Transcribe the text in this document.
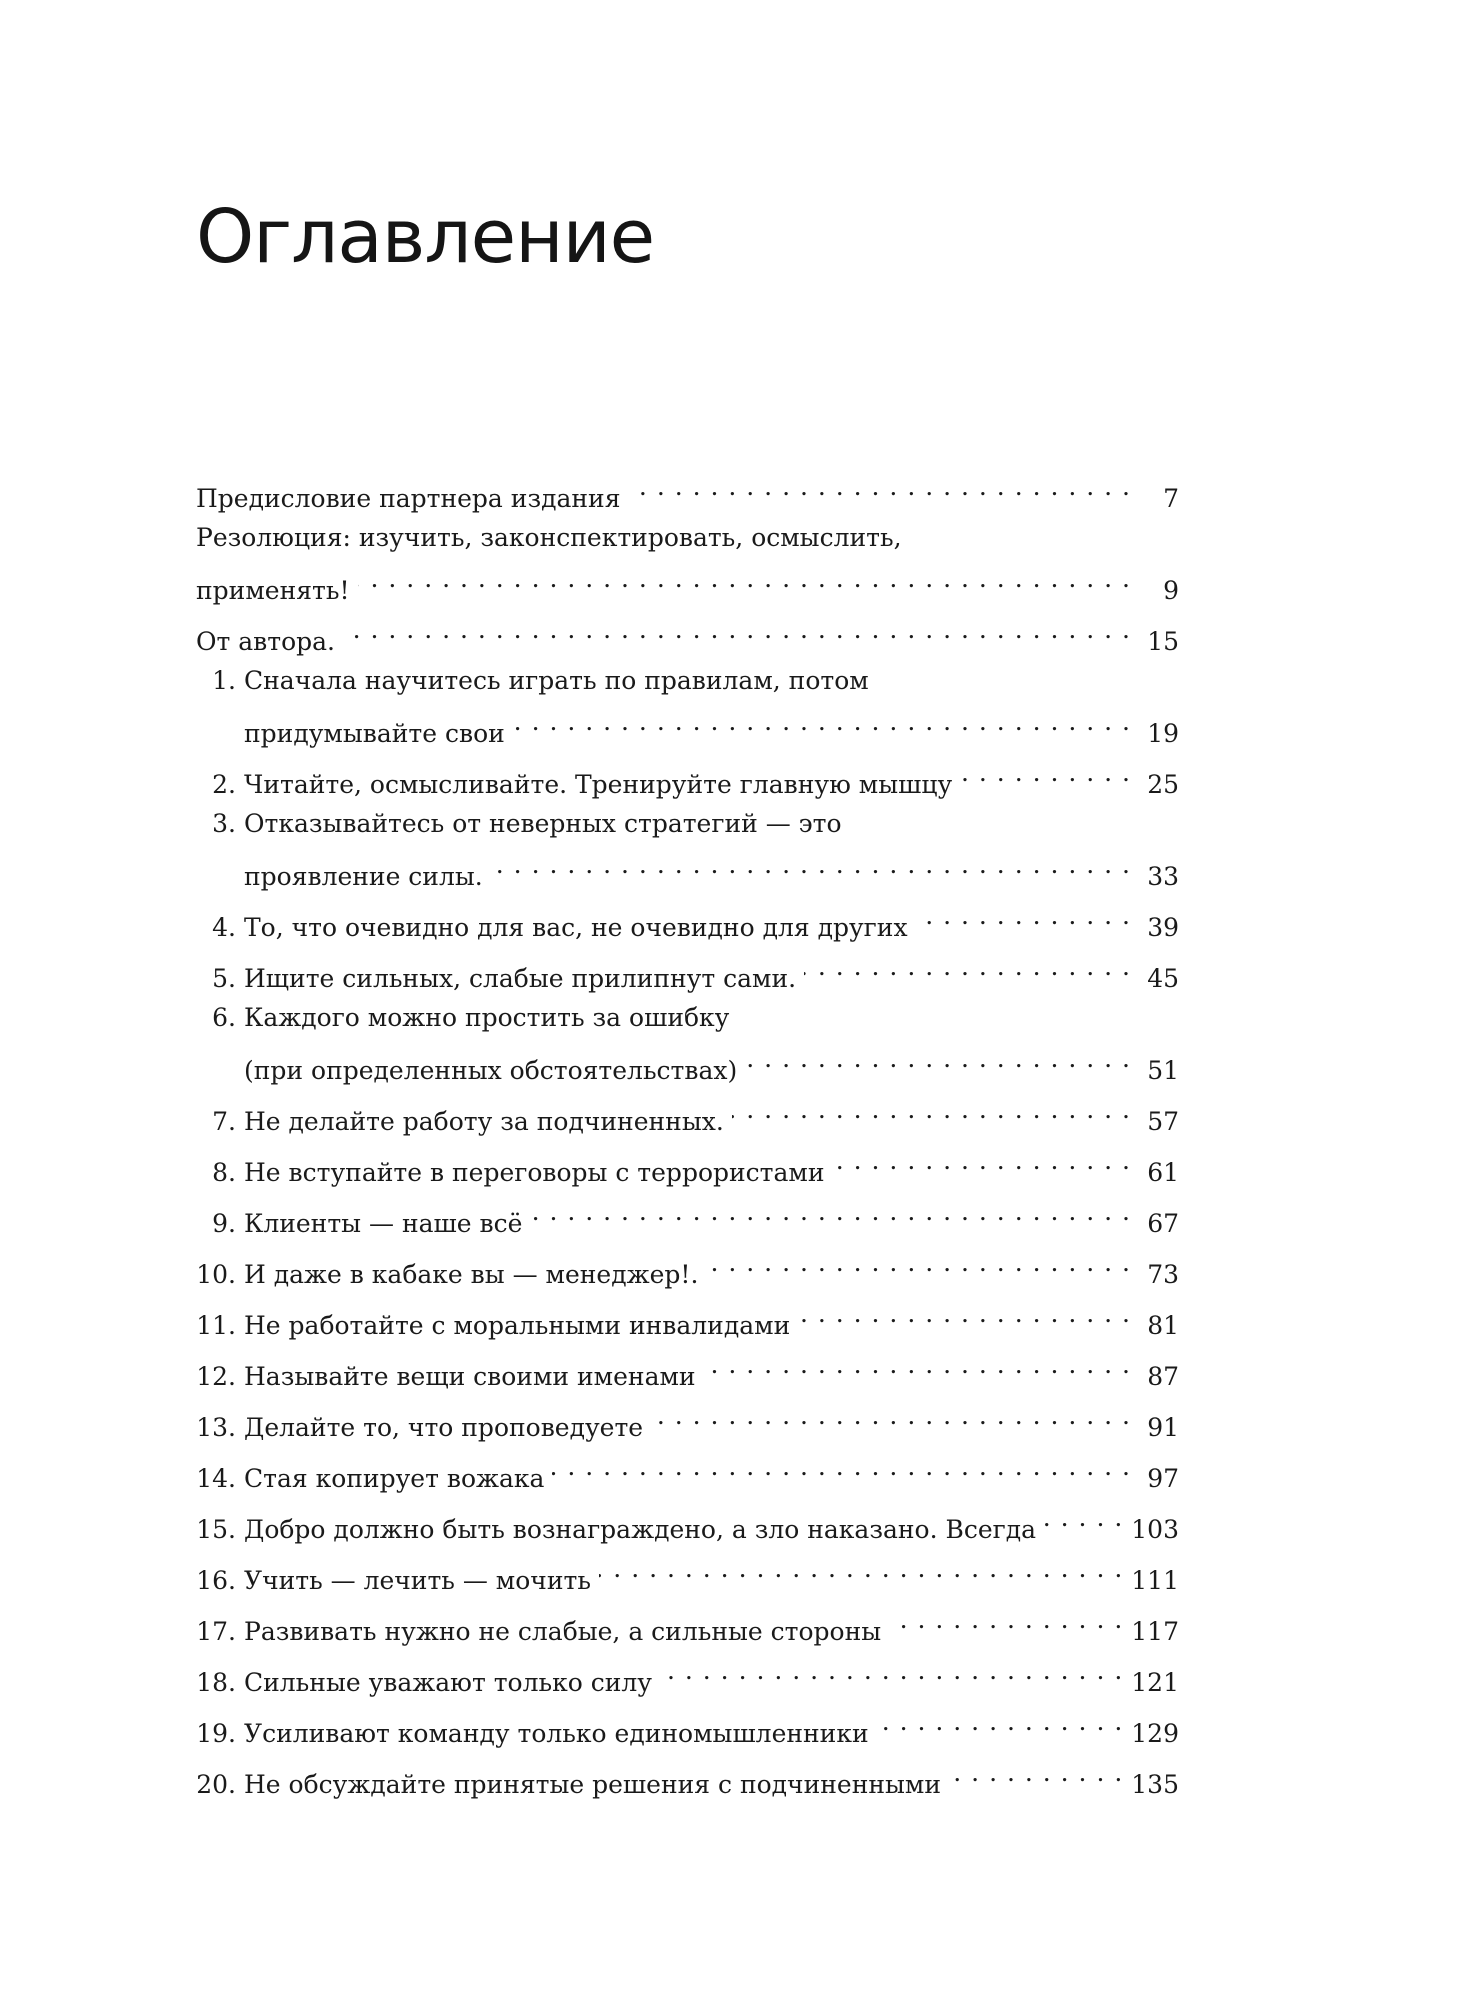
Оглавление
Предисловие партнера издания . . .	7
Резолюция: изучить, законспектировать, осмыслить,
применять! . . .	9
От автора. . . .	15
1. Сначала научитесь играть по правилам, потом
придумывайте свои . . .	19
2. Читайте, осмысливайте. Тренируйте главную мышцу . . .	25
3. Отказывайтесь от неверных стратегий — это
проявление силы. . . .	33
4. То, что очевидно для вас, не очевидно для других . . .	39
5. Ищите сильных, слабые прилипнут сами. . . .	45
6. Каждого можно простить за ошибку
(при определенных обстоятельствах) . . .	51
7. Не делайте работу за подчиненных. . . .	57
8. Не вступайте в переговоры с террористами . . .	61
9. Клиенты — наше всё . . .	67
10. И даже в кабаке вы — менеджер!. . . .	73
11. Не работайте с моральными инвалидами . . .	81
12. Называйте вещи своими именами . . .	87
13. Делайте то, что проповедуете . . .	91
14. Стая копирует вожака . . .	97
15. Добро должно быть вознаграждено, а зло наказано. Всегда . . .	103
16. Учить — лечить — мочить . . .	111
17. Развивать нужно не слабые, а сильные стороны . . .	117
18. Сильные уважают только силу . . .	121
19. Усиливают команду только единомышленники . . .	129
20. Не обсуждайте принятые решения с подчиненными . . .	135
